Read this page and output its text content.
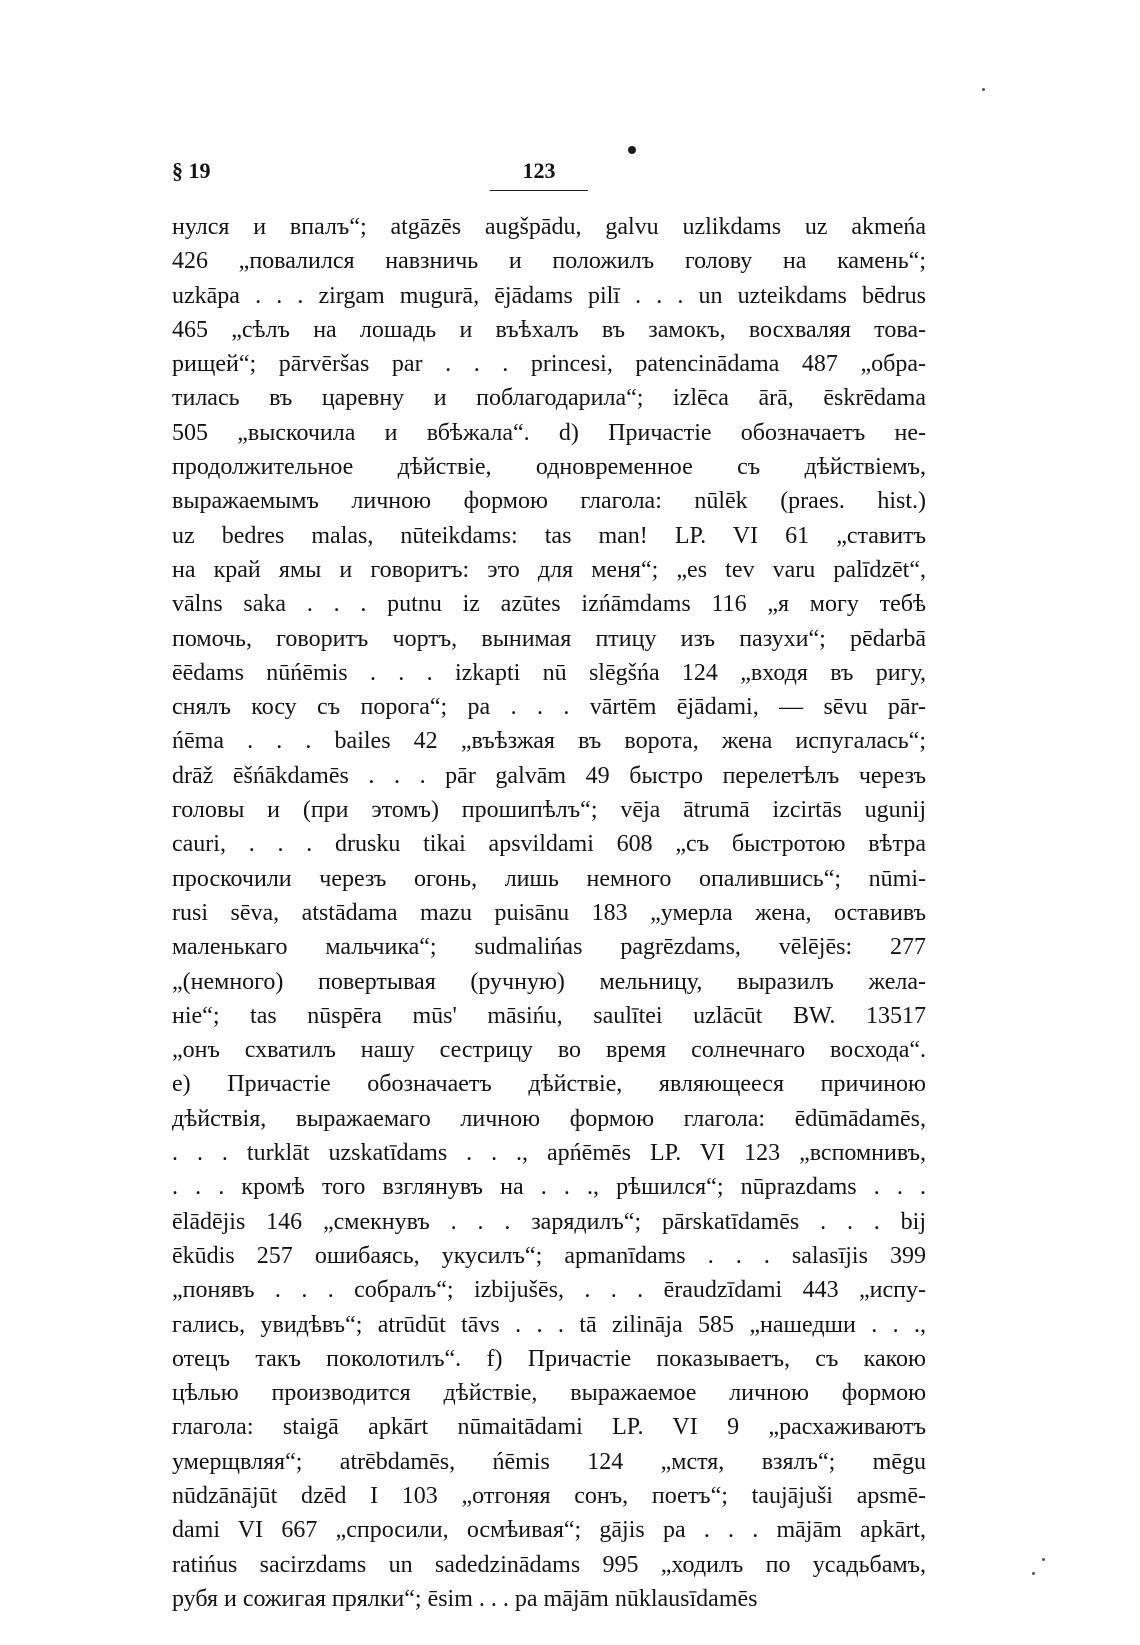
§ 19	123
нулся и впалъ“; atgāzēs augšpādu, galvu uzlikdams uz akmeńa
426 „повалился навзничь и положилъ голову на камень“;
uzkāpa . . . zirgam mugurā, ējādams pilī . . . un uzteikdams bēdrus
465 „сѣлъ на лошадь и въѣхалъ въ замокъ, восхваляя това-
рищей“; pārvēršas par . . . princesi, patencinādama 487 „обра-
тилась въ царевну и поблагодарила“; izlēca ārā, ēskrēdama
505 „выскочила и вбѣжала“. d) Причастіе обозначаетъ не-
продолжительное дѣйствіе, одновременное съ дѣйствіемъ,
выражаемымъ личною формою глагола: nūlēk (praes. hist.)
uz bedres malas, nūteikdams: tas man! LP. VI 61 „ставитъ
на край ямы и говоритъ: это для меня“; „es tev varu palīdzēt“,
vālns saka . . . putnu iz azūtes izńāmdams 116 „я могу тебѣ
помочь, говоритъ чортъ, вынимая птицу изъ пазухи“; pēdarbā
ēēdams nūńēmis . . . izkapti nū slēgšńa 124 „входя въ ригу,
снялъ косу съ порога“; pa . . . vārtēm ējādami, — sēvu pār-
ńēma . . . bailes 42 „въѣзжая въ ворота, жена испугалась“;
drāž ēšńākdamēs . . . pār galvām 49 быстро перелетѣлъ черезъ
головы и (при этомъ) прошипѣлъ“; vēja ātrumā izcirtās ugunij
cauri, . . . drusku tikai apsvildami 608 „съ быстротою вѣтра
проскочили черезъ огонь, лишь немного опалившись“; nūmi-
rusi sēva, atstādama mazu puisānu 183 „умерла жена, оставивъ
маленькаго мальчика“; sudmalińas pagrēzdams, vēlējēs: 277
„(немного) повертывая (ручную) мельницу, выразилъ жела-
ніе“; tas nūspēra mūs' māsińu, saulītei uzlācūt BW. 13517
„онъ схватилъ нашу сестрицу во время солнечнаго восхода“.
e) Причастіе обозначаетъ дѣйствіе, являющееся причиною
дѣйствія, выражаемаго личною формою глагола: ēdūmādamēs,
. . . turklāt uzskatīdams . . ., apńēmēs LP. VI 123 „вспомнивъ,
. . . кромѣ того взглянувъ на . . ., рѣшился“; nūprazdams . . .
ēlādējis 146 „смекнувъ . . . зарядилъ“; pārskatīdamēs . . . bij
ēkūdis 257 ошибаясь, укусилъ“; apmanīdams . . . salasījis 399
„понявъ . . . собралъ“; izbijušēs, . . . ēraudzīdami 443 „испу-
гались, увидѣвъ“; atrūdūt tāvs . . . tā zilināja 585 „нашедши . . .,
отецъ такъ поколотилъ“. f) Причастіе показываетъ, съ какою
цѣлью производится дѣйствіе, выражаемое личною формою
глагола: staigā apkārt nūmaitādami LP. VI 9 „расхаживаютъ
умерщвляя“; atrēbdamēs, ńēmis 124 „мстя, взялъ“; mēgu
nūdzānājūt dzēd I 103 „отгоняя сонъ, поетъ“; taujājuši apsmē-
dami VI 667 „спросили, осмѣивая“; gājis pa . . . mājām apkārt,
ratińus sacirzdams un sadedzinādams 995 „ходилъ по усадьбамъ,
рубя и сожигая прялки“; ēsim . . . pa mājām nūklausīdamēs
